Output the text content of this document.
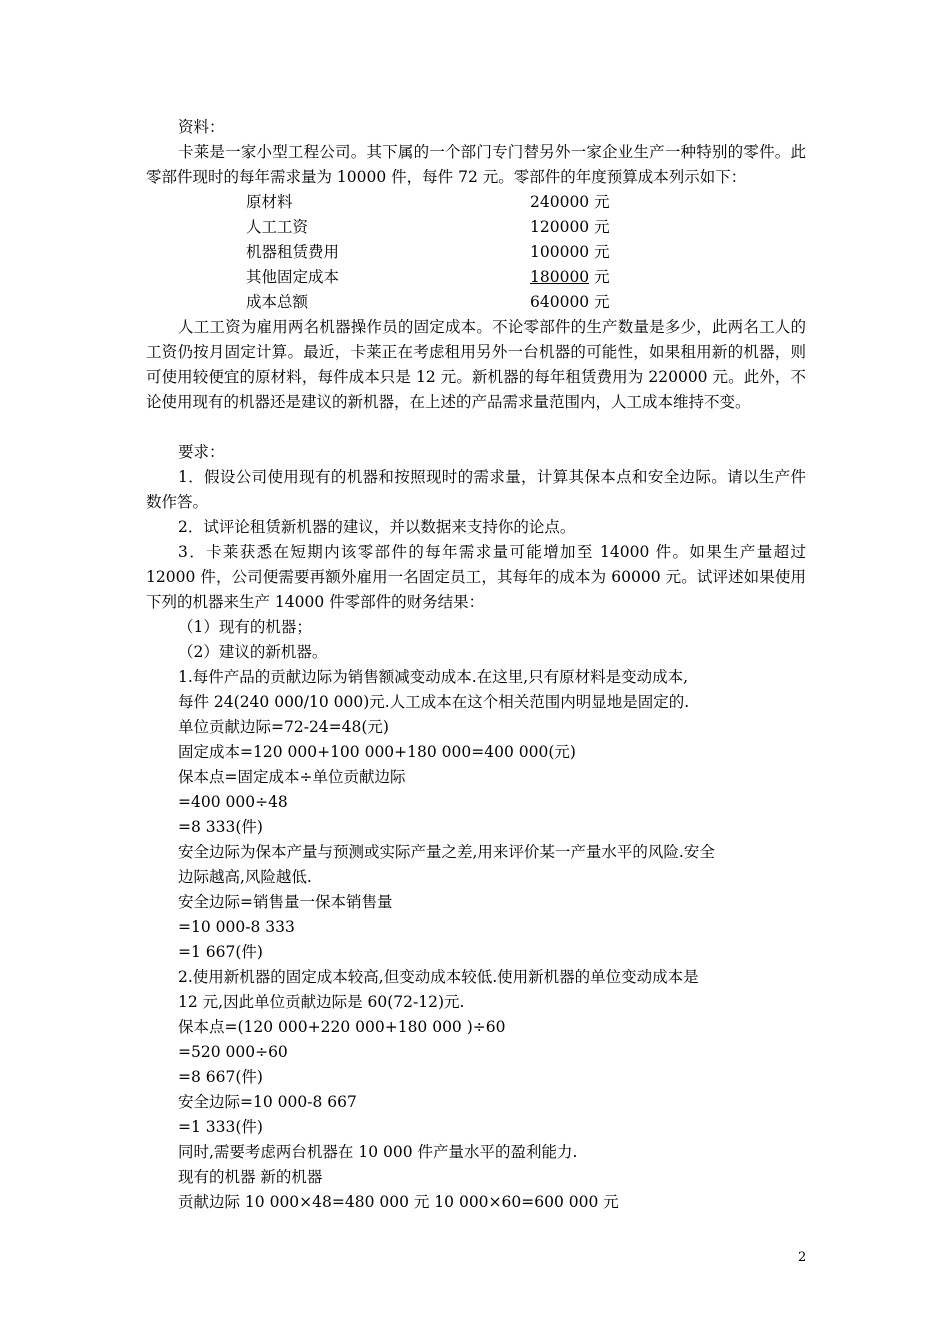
资料：
卡莱是一家小型工程公司。其下属的一个部门专门替另外一家企业生产一种特别的零件。此零部件现时的每年需求量为 10000 件，每件 72 元。零部件的年度预算成本列示如下：
原材料	240000 元
人工工资	120000 元
机器租赁费用	100000 元
其他固定成本	180000 元
成本总额	640000 元
人工工资为雇用两名机器操作员的固定成本。不论零部件的生产数量是多少，此两名工人的工资仍按月固定计算。最近，卡莱正在考虑租用另外一台机器的可能性，如果租用新的机器，则可使用较便宜的原材料，每件成本只是 12 元。新机器的每年租赁费用为 220000 元。此外，不论使用现有的机器还是建议的新机器，在上述的产品需求量范围内，人工成本维持不变。
要求：
1．假设公司使用现有的机器和按照现时的需求量，计算其保本点和安全边际。请以生产件数作答。
2．试评论租赁新机器的建议，并以数据来支持你的论点。
3．卡莱获悉在短期内该零部件的每年需求量可能增加至 14000 件。如果生产量超过 12000 件，公司便需要再额外雇用一名固定员工，其每年的成本为 60000 元。试评述如果使用下列的机器来生产 14000 件零部件的财务结果：
（1）现有的机器；
（2）建议的新机器。
1.每件产品的贡献边际为销售额减变动成本.在这里,只有原材料是变动成本,
每件 24(240 000/10 000)元.人工成本在这个相关范围内明显地是固定的.
单位贡献边际=72-24=48(元)
固定成本=120 000+100 000+180 000=400 000(元)
保本点=固定成本÷单位贡献边际
=400 000÷48
=8 333(件)
安全边际为保本产量与预测或实际产量之差,用来评价某一产量水平的风险.安全
边际越高,风险越低.
安全边际=销售量一保本销售量
=10 000-8 333
=1 667(件)
2.使用新机器的固定成本较高,但变动成本较低.使用新机器的单位变动成本是
12 元,因此单位贡献边际是 60(72-12)元.
保本点=(120 000+220 000+180 000 )÷60
=520 000÷60
=8 667(件)
安全边际=10 000-8 667
=1 333(件)
同时,需要考虑两台机器在 10 000 件产量水平的盈利能力.
现有的机器 新的机器
贡献边际 10 000×48=480 000 元 10 000×60=600 000 元
2
